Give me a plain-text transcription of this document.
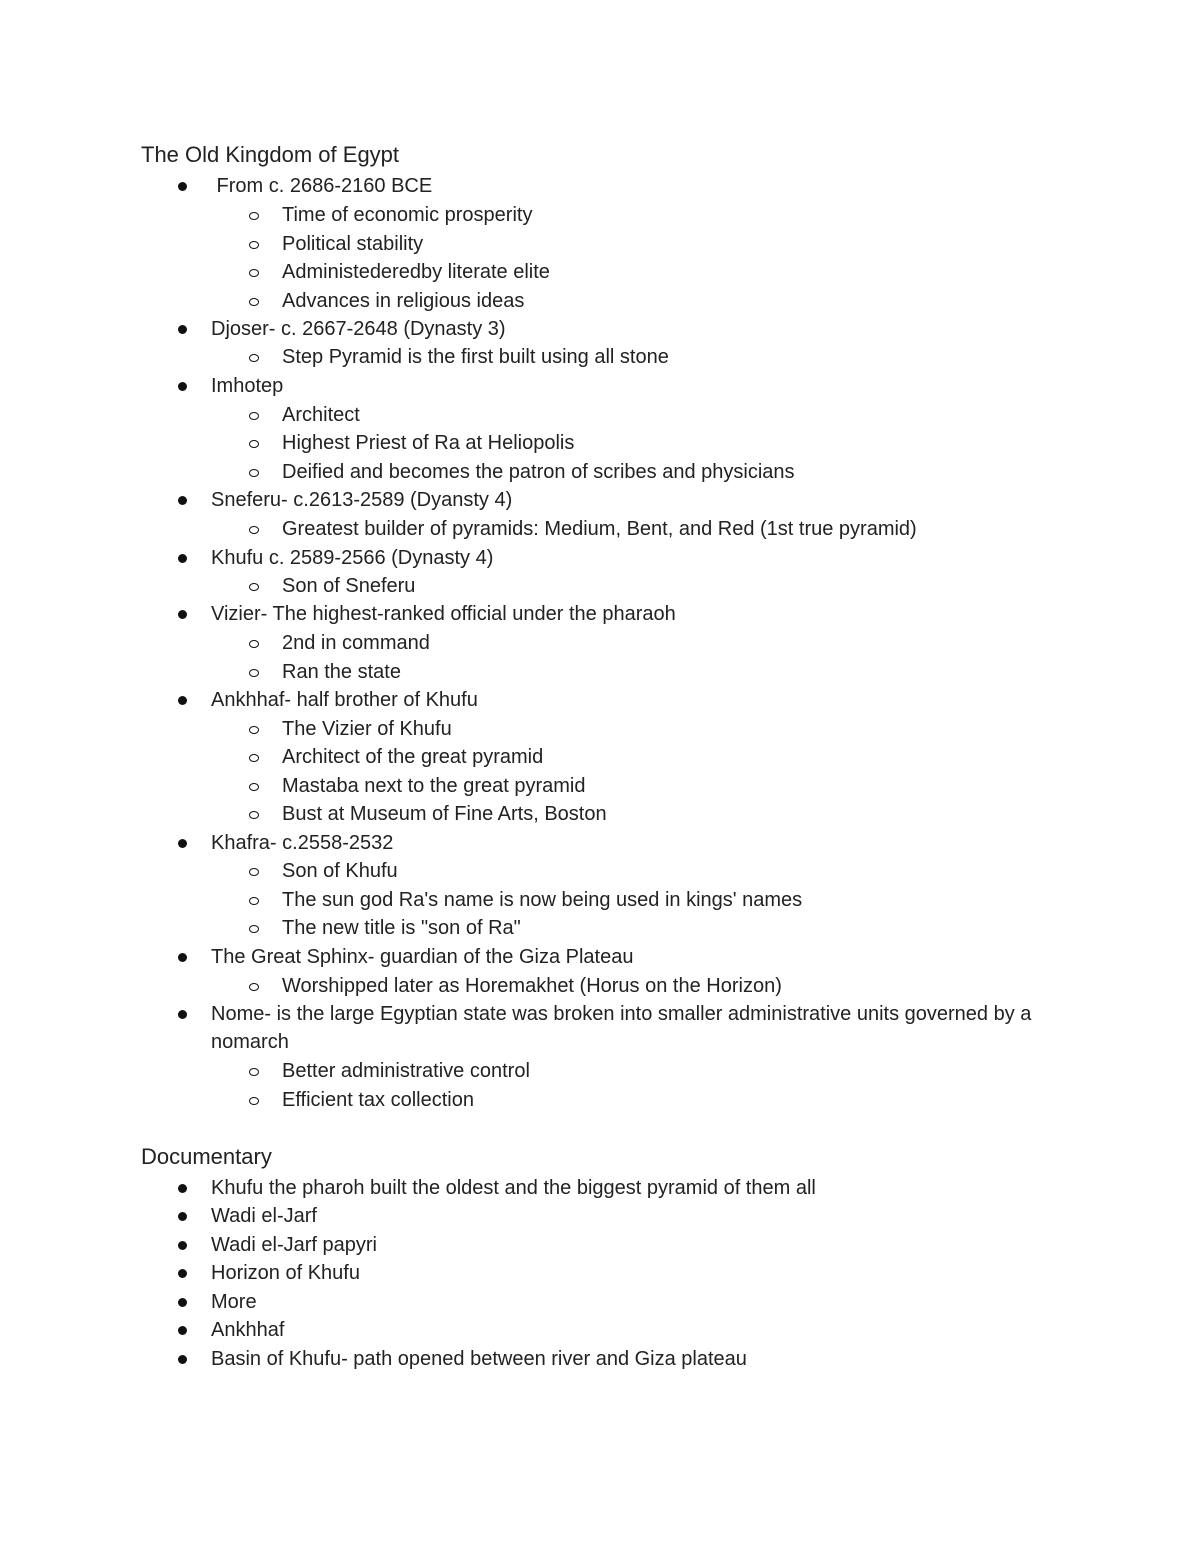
The Old Kingdom of Egypt
From c. 2686-2160 BCE
Time of economic prosperity
Political stability
Administederedby literate elite
Advances in religious ideas
Djoser- c. 2667-2648 (Dynasty 3)
Step Pyramid is the first built using all stone
Imhotep
Architect
Highest Priest of Ra at Heliopolis
Deified and becomes the patron of scribes and physicians
Sneferu- c.2613-2589 (Dyansty 4)
Greatest builder of pyramids: Medium, Bent, and Red (1st true pyramid)
Khufu c. 2589-2566 (Dynasty 4)
Son of Sneferu
Vizier- The highest-ranked official under the pharaoh
2nd in command
Ran the state
Ankhhaf- half brother of Khufu
The Vizier of Khufu
Architect of the great pyramid
Mastaba next to the great pyramid
Bust at Museum of Fine Arts, Boston
Khafra- c.2558-2532
Son of Khufu
The sun god Ra's name is now being used in kings' names
The new title is "son of Ra"
The Great Sphinx- guardian of the Giza Plateau
Worshipped later as Horemakhet (Horus on the Horizon)
Nome- is the large Egyptian state was broken into smaller administrative units governed by a nomarch
Better administrative control
Efficient tax collection
Documentary
Khufu the pharoh built the oldest and the biggest pyramid of them all
Wadi el-Jarf
Wadi el-Jarf papyri
Horizon of Khufu
More
Ankhhaf
Basin of Khufu- path opened between river and Giza plateau
